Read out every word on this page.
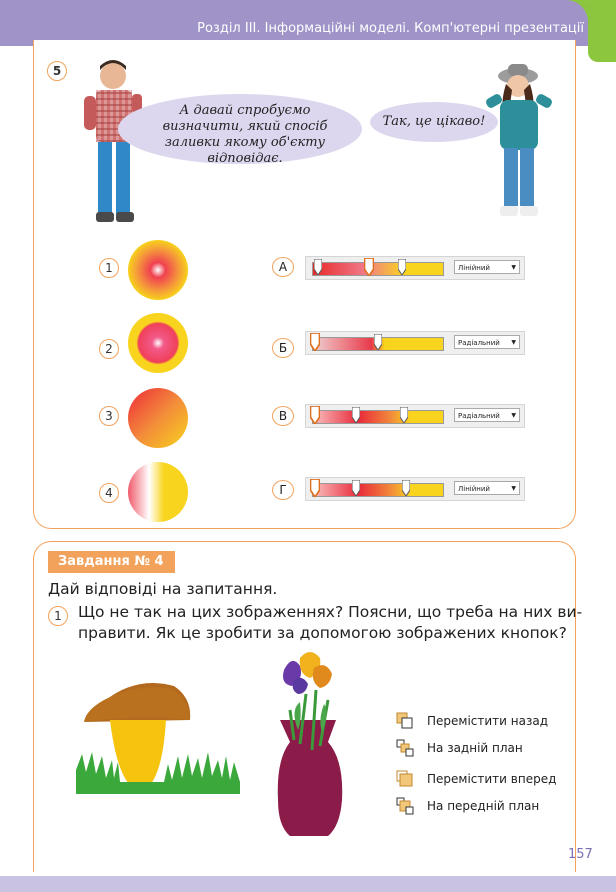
Розділ III. Інформаційні моделі. Комп'ютерні презентації
5
А давай спробуємо визначити, який спосіб заливки якому об'єкту відповідає.
Так, це цікаво!
1
2
3
4
А
Б
В
Г
Лінійний	▼
Радіальний ▼
Радіальний ▼
Лінійний	▼
Завдання № 4
Дай відповіді на запитання.
1	Що не так на цих зображеннях? Поясни, що треба на них ви-
правити. Як це зробити за допомогою зображених кнопок?
Перемістити назад
На задній план
Перемістити вперед
На передній план
157
